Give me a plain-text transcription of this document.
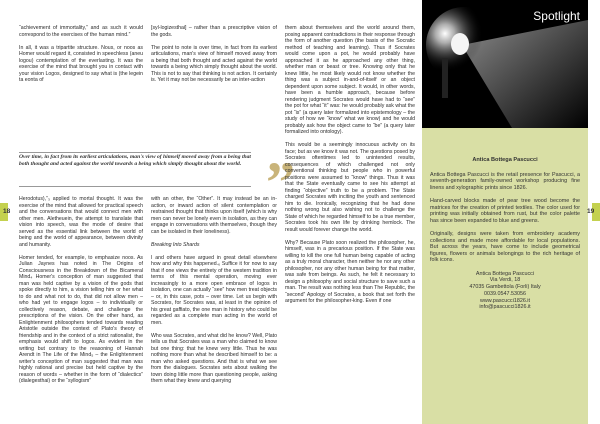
18

“achievement of immortality,” and as such it would correspond to the exercises of the human mind.”

In all, it was a tripartite structure. Nous, or noos as Homer would regard it, consisted in speechless (aneu logou) contemplation of the everlasting. It was the exercise of the mind that brought you in contact with your vision Logos, designed to say what is (the legein ta eonta of

[syl-logizesthai] – rather than a prescriptive vision of the gods.

The point to note is over time, in fact from its earliest articulations, man's view of himself moved away from a being that both thought and acted against the world towards a being which simply thought about the world. This is not to say that thinking is not action. It certainly is. Yet it may not be necessarily be an inter-action

Over time, in fact from its earliest articulations, man's view of himself moved away from a being that both thought and acted against the world towards a being which simply thought about the world. ”

Herodotus),”₃ applied to mortal thought. It was the exercise of the mind that allowed for practical speech and the conversations that would connect men with other men. Aletheuein, the attempt to translate that vision into speech, was the mode of desire that served as the essential link between the world of being and the world of appearance, between divinity and humanity.

Homer tended, for example, to emphasize noos. As Julian Jaynes has noted in The Origins of Consciousness in the Breakdown of the Bicameral Mind₄ Homer's conception of man suggested that man was held captive by a vision of the gods that spoke directly to him, a vision telling him or her what to do and what not to do, that did not allow men – who had yet to engage logos – to individually or collectively reason, debate, and challenge the prescriptions of the vision. On the other hand, as Enlightenment philosophers tended towards reading Aristotle outside the context of Plato's theory of friendship and in the context of a strict rationalist, the emphasis would shift to logos. As evident in the writing but contrary to the reasoning of Hannah Arendt in The Life of the Mind₅ – the Enlightenment writer's conception of man suggested that man was highly rational and precise but held captive by the reason of words – whether in the form of “dialectics” (dialegesthai) or the “syllogism”

with an other, the “Other”. It may instead be an in-action, or inward action of silent contemplation or restrained thought that thinks upon itself (which is why men can never be lonely even in isolation, as they can engage in conversations with themselves, though they can be isolated in their loneliness).

Breaking Into Shards

I and others have argued in great detail elsewhere how and why this happened.₆ Suffice it for now to say that if one views the entirety of the western tradition in terms of this mental operation, moving ever increasingly to a more open embrace of logos in isolation, one can actually “see” how men treat objects – or, in this case, pots – over time. Let us begin with Socrates, for Socrates was, at least in the opinion of his great gaffiato, the one man in history who could be regarded as a complete man acting in the world of men.

Who was Socrates, and what did he know? Well, Plato tells us that Socrates was a man who claimed to know but one thing: that he knew very little. Thus he was nothing more than what he described himself to be: a man who asked questions. And that is what we see from the dialogues. Socrates sets about walking the town doing little more than questioning people, asking them what they knew and querying

them about themselves and the world around them, posing apparent contradictions in their response through the form of another question (the basis of the Socratic method of teaching and learning). Thus if Socrates would come upon a pot, he would probably have approached it as he approached any other thing, whether man or beast or tree. Knowing only that he knew little, he most likely would not know whether the thing was a subject in-and-of-itself or an object dependent upon some subject. It would, in other words, have been a humble approach, because before rendering judgment Socrates would have had to “see” the pot for what “it” was: he would probably ask what the pot “is” (a query later formalized into epistemology – the study of how we “know” what we know) and he would probably ask how the object came to “be” (a query later formalized into ontology).

This would be a seemingly innocuous activity on its face; but as we know it was not. The questions posed by Socrates oftentimes led to unintended results, consequences of which challenged not only conventional thinking but people who in powerful positions were assumed to “know” things. Thus it was that the State eventually came to see his attempt at finding “objective” truth to be a problem. The State charged Socrates with inciting the youth and sentenced him to die. Ironically, recognizing that he had done nothing wrong but also wishing not to challenge the State of which he regarded himself to be a true member, Socrates took his own life by drinking hemlock. The result would forever change the world.

Why? Because Plato soon realized the philosopher, he, himself, was in a precarious position. If the State was willing to kill the one full human being capable of acting as a truly moral character, then neither he nor any other philosopher, nor any other human being for that matter, was safe from beings. As such, he felt it necessary to design a philosophy and social structure to save such a man. The result was nothing less than The Republic, the “second” Apology of Socrates, a book that set forth the argument for the philosopher-king. Even if one

Spotlight
Antica Bottega Pascucci

Antica Bottega Pascucci is the retail presence for Pascucci, a seventh-generation family-owned workshop producing fine linens and xylographic prints since 1826.

Hand-carved blocks made of pear tree wood become the matrices for the creation of printed textiles. The color used for printing was initially obtained from rust, but the color palette has since been expanded to blue and greens.

Originally, designs were taken from embroidery academy collections and made more affordable for local populations. But across the years, have come to include geometrical figures, flowers or animals belongings to the rich heritage of folk icons.

Antica Bottega Pascucci
Via Verdi, 18
47035 Gambettola (Forli) Italy
0039.0547.53056
www.pascucci1826.it
info@pascucci1826.it
19
